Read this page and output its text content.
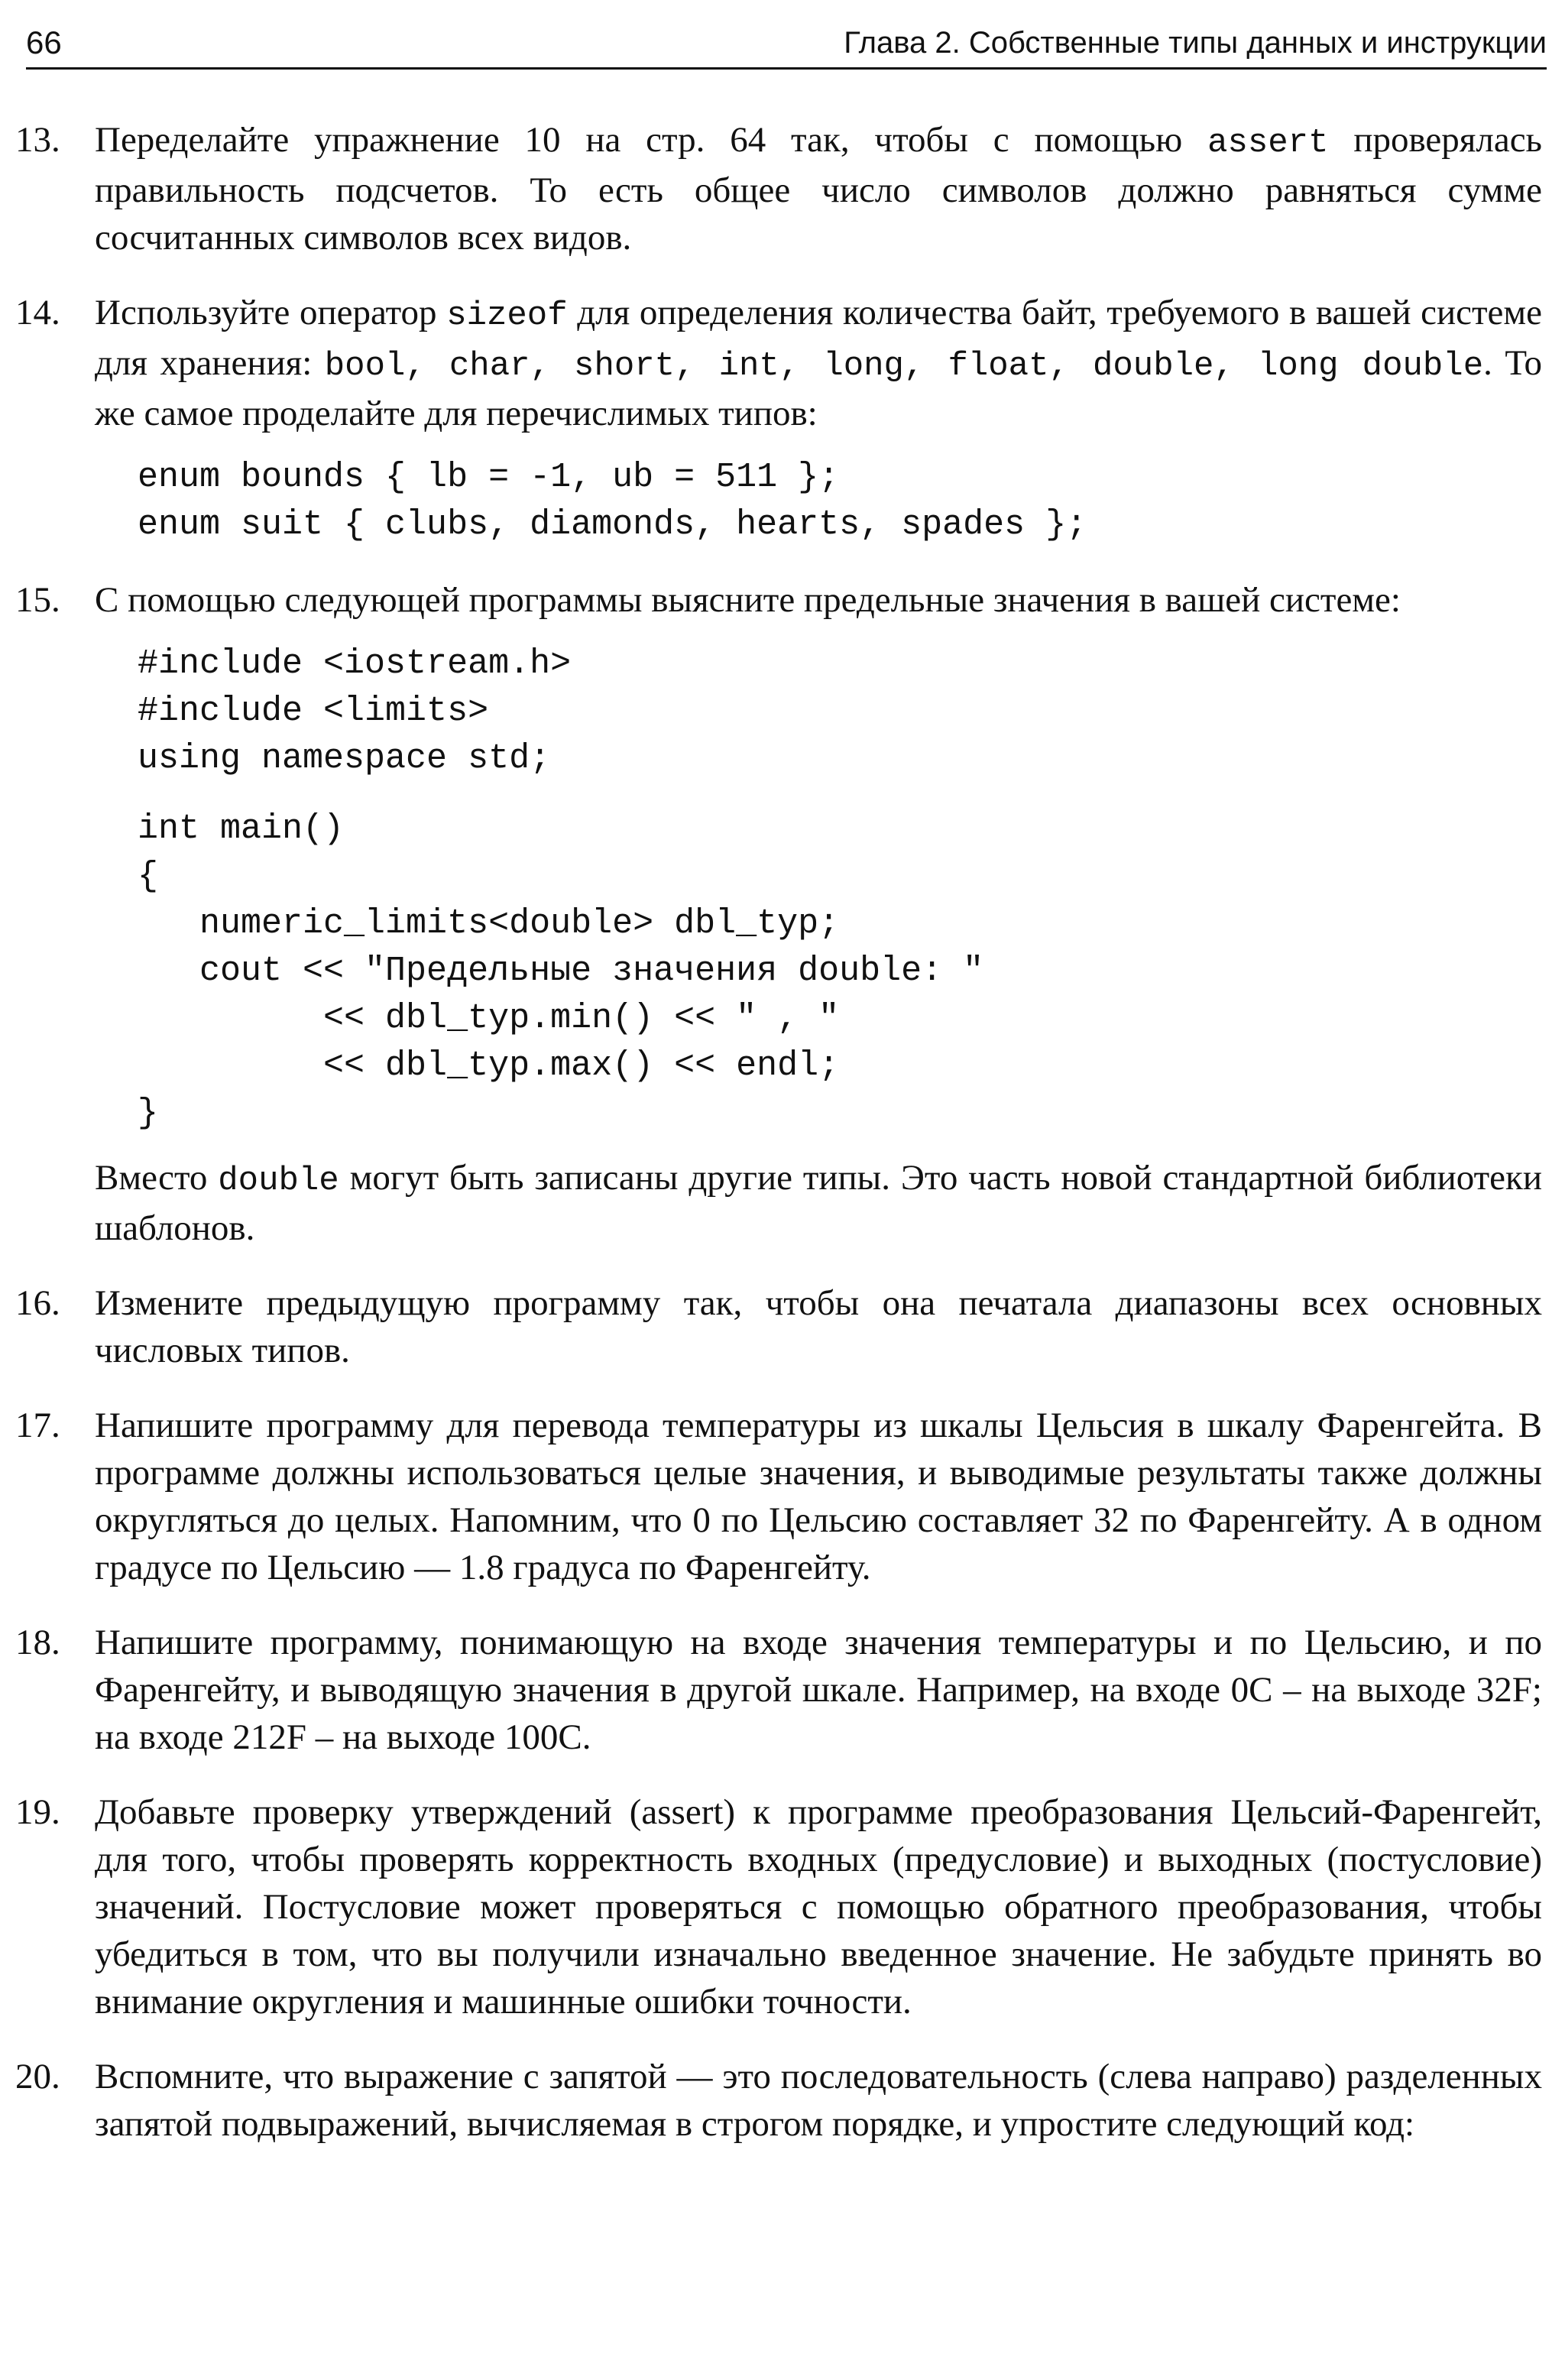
66	Глава 2. Собственные типы данных и инструкции
13. Переделайте упражнение 10 на стр. 64 так, чтобы с помощью assert проверялась правильность подсчетов. То есть общее число символов должно равняться сумме сосчитанных символов всех видов.

14. Используйте оператор sizeof для определения количества байт, требуемого в вашей системе для хранения: bool, char, short, int, long, float, double, long double. То же самое проделайте для перечислимых типов:

enum bounds { lb = -1, ub = 511 };
enum suit { clubs, diamonds, hearts, spades };
15. С помощью следующей программы выясните предельные значения в вашей системе:

#include <iostream.h>
#include <limits>
using namespace std;
int main()
{
numeric_limits<double> dbl_typ;
cout << "Предельные значения double: "
<< dbl_typ.min() << " , "
<< dbl_typ.max() << endl;
}

Вместо double могут быть записаны другие типы. Это часть новой стандартной библиотеки шаблонов.

16. Измените предыдущую программу так, чтобы она печатала диапазоны всех основных числовых типов.

17. Напишите программу для перевода температуры из шкалы Цельсия в шкалу Фаренгейта. В программе должны использоваться целые значения, и выводимые результаты также должны округляться до целых. Напомним, что 0 по Цельсию составляет 32 по Фаренгейту. А в одном градусе по Цельсию — 1.8 градуса по Фаренгейту.

18. Напишите программу, понимающую на входе значения температуры и по Цельсию, и по Фаренгейту, и выводящую значения в другой шкале. Например, на входе 0С – на выходе 32F; на входе 212F – на выходе 100С.

19. Добавьте проверку утверждений (assert) к программе преобразования Цельсий-Фаренгейт, для того, чтобы проверять корректность входных (предусловие) и выходных (постусловие) значений. Постусловие может проверяться с помощью обратного преобразования, чтобы убедиться в том, что вы получили изначально введенное значение. Не забудьте принять во внимание округления и машинные ошибки точности.

20. Вспомните, что выражение с запятой — это последовательность (слева направо) разделенных запятой подвыражений, вычисляемая в строгом порядке, и упростите следующий код:
